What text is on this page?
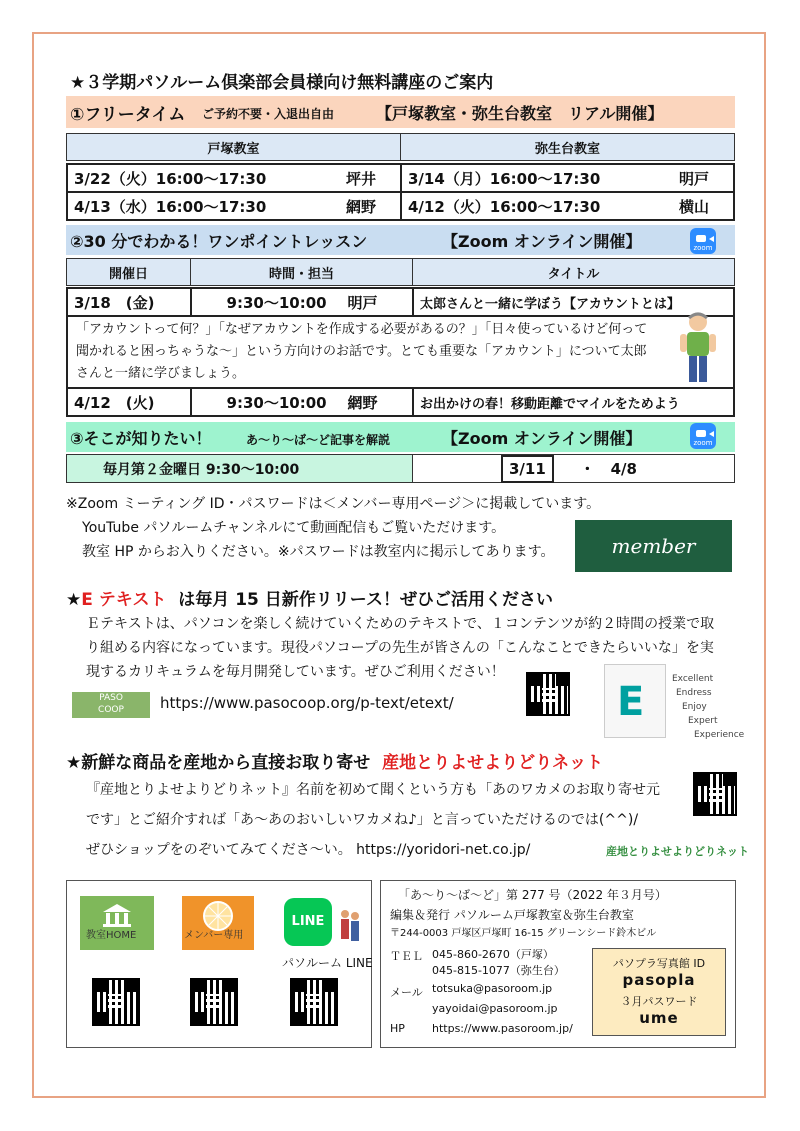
★３学期パソルーム倶楽部会員様向け無料講座のご案内
①フリータイム ご予約不要・入退出自由	【戸塚教室・弥生台教室　リアル開催】
戸塚教室	弥生台教室
3/22（火）16:00～17:30 坪井	3/14（月）16:00～17:30 明戸

4/13（水）16:00～17:30 網野	4/12（火）16:00～17:30 横山
②30 分でわかる！ワンポイントレッスン	【Zoom オンライン開催】	zoom
開催日	時間・担当	タイトル
3/18　(金)	9:30～10:00 明戸	太郎さんと一緒に学ぼう【アカウントとは】

「アカウントって何？」「なぜアカウントを作成する必要があるの？」「日々使っているけど何って
聞かれると困っちゃうな～」という方向けのお話です。とても重要な「アカウント」について太郎
さんと一緒に学びましょう。		

4/12　(火)	9:30～10:00 網野	お出かけの春！移動距離でマイルをためよう
③そこが知りたい！	あ～り～ば～ど記事を解説	【Zoom オンライン開催】	zoom
毎月第２金曜日 9:30～10:00	3/11 ・ 4/8
※Zoom ミーティング ID・パスワードは＜メンバー専用ページ＞に掲載しています。
YouTube パソルームチャンネルにて動画配信もご覧いただけます。
教室 HP からお入りください。※パスワードは教室内に掲示してあります。	member
★E テキスト は毎月 15 日新作リリース！ぜひご活用ください
Ｅテキストは、パソコンを楽しく続けていくためのテキストで、１コンテンツが約２時間の授業で取
り組める内容になっています。現役パソコープの先生が皆さんの「こんなことできたらいいな」を実
現するカリキュラムを毎月開発しています。ぜひご利用ください！
PASO
COOP	https://www.pasocoop.org/p-text/etext/	E	Excellent
Endress
Enjoy
Expert
Experience
★新鮮な商品を産地から直接お取り寄せ 産地とりよせよりどりネット
『産地とりよせよりどりネット』名前を初めて聞くという方も「あのワカメのお取り寄せ元
です」とご紹介すれば「あ～あのおいしいワカメね♪」と言っていただけるのでは(^^)/
ぜひショップをのぞいてみてくださ～い。 https://yoridori-net.co.jp/	産地とりよせよりどりネット
教室HOME	メンバー専用
LINE
パソルーム LINE
「あ～り～ば～ど」第 277 号（2022 年３月号）
編集＆発行 パソルーム戸塚教室＆弥生台教室
〒244-0003 戸塚区戸塚町 16-15 グリーンシード鈴木ビル
ＴＥＬ 045-860-2670（戸塚）
045-815-1077（弥生台）
メール totsuka@pasoroom.jp
yayoidai@pasoroom.jp
HP https://www.pasoroom.jp/
パソプラ写真館 ID
pasopla
３月パスワード
ume
